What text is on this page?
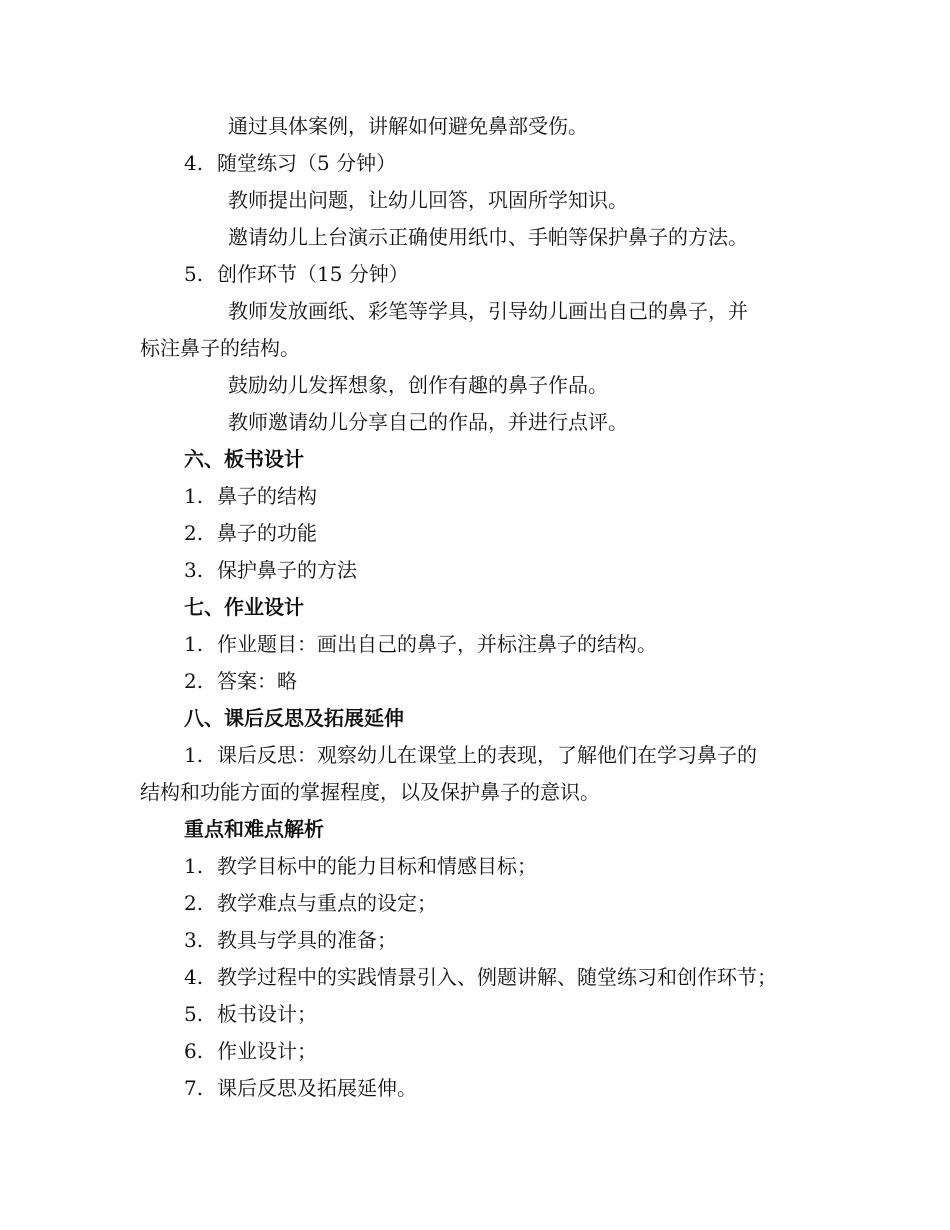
通过具体案例，讲解如何避免鼻部受伤。
4. 随堂练习（5 分钟）
教师提出问题，让幼儿回答，巩固所学知识。
邀请幼儿上台演示正确使用纸巾、手帕等保护鼻子的方法。
5. 创作环节（15 分钟）
教师发放画纸、彩笔等学具，引导幼儿画出自己的鼻子，并
标注鼻子的结构。
鼓励幼儿发挥想象，创作有趣的鼻子作品。
教师邀请幼儿分享自己的作品，并进行点评。
六、板书设计
1. 鼻子的结构
2. 鼻子的功能
3. 保护鼻子的方法
七、作业设计
1. 作业题目：画出自己的鼻子，并标注鼻子的结构。
2. 答案：略
八、课后反思及拓展延伸
1. 课后反思：观察幼儿在课堂上的表现，了解他们在学习鼻子的
结构和功能方面的掌握程度，以及保护鼻子的意识。
重点和难点解析
1. 教学目标中的能力目标和情感目标；
2. 教学难点与重点的设定；
3. 教具与学具的准备；
4. 教学过程中的实践情景引入、例题讲解、随堂练习和创作环节；
5. 板书设计；
6. 作业设计；
7. 课后反思及拓展延伸。
